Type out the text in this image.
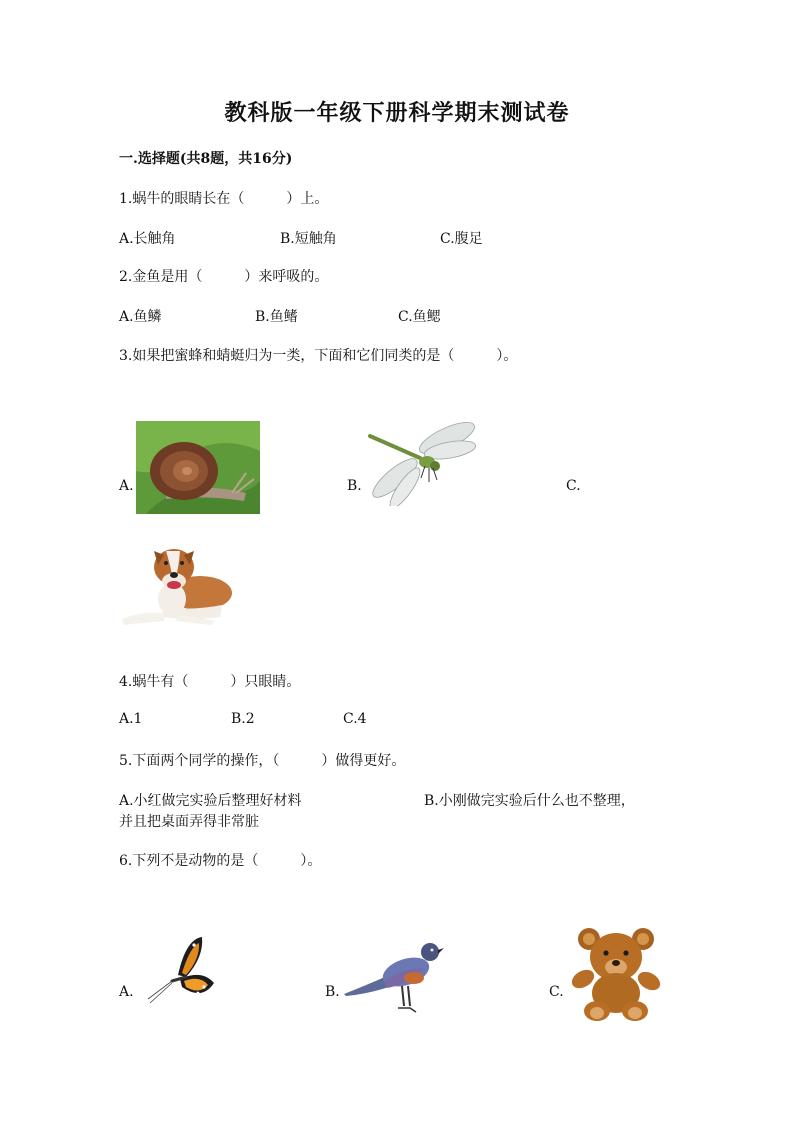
教科版一年级下册科学期末测试卷
一.选择题(共8题，共16分)
1.蜗牛的眼睛长在（　　　）上。
A.长触角	B.短触角	C.腹足
2.金鱼是用（　　　）来呼吸的。
A.鱼鳞	B.鱼鳍	C.鱼鳃
3.如果把蜜蜂和蜻蜓归为一类，下面和它们同类的是（　　　）。
A.	B.	C.
4.蜗牛有（　　　）只眼睛。
A.1	B.2	C.4
5.下面两个同学的操作，（　　　）做得更好。
A.小红做完实验后整理好材料	B.小刚做完实验后什么也不整理，
并且把桌面弄得非常脏
6.下列不是动物的是（　　　）。
A.	B.	C.
